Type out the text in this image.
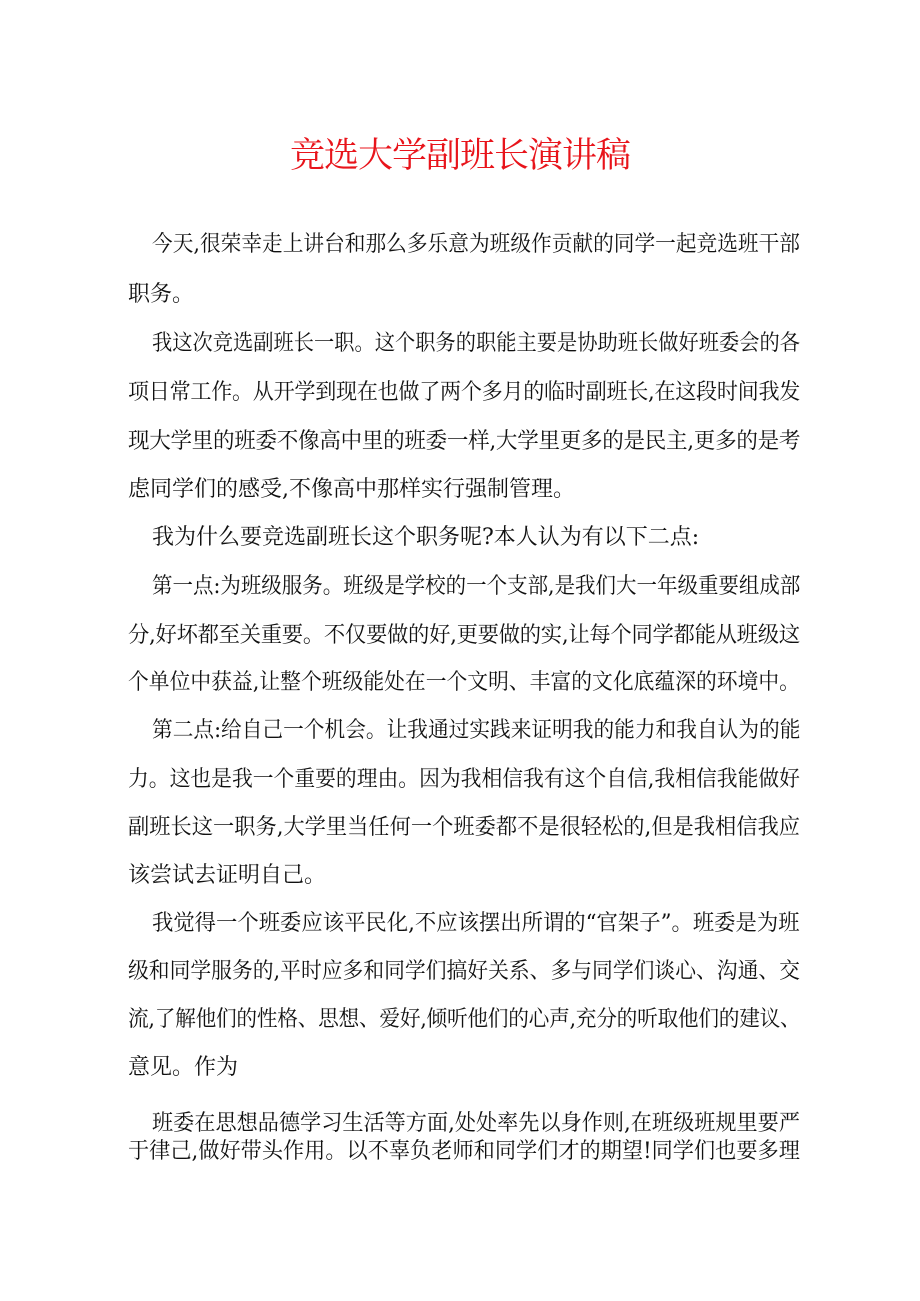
竞选大学副班长演讲稿
今天,很荣幸走上讲台和那么多乐意为班级作贡献的同学一起竞选班干部
职务。
我这次竞选副班长一职。这个职务的职能主要是协助班长做好班委会的各
项日常工作。从开学到现在也做了两个多月的临时副班长,在这段时间我发
现大学里的班委不像高中里的班委一样,大学里更多的是民主,更多的是考
虑同学们的感受,不像高中那样实行强制管理。
我为什么要竞选副班长这个职务呢?本人认为有以下二点:
第一点:为班级服务。班级是学校的一个支部,是我们大一年级重要组成部
分,好坏都至关重要。不仅要做的好,更要做的实,让每个同学都能从班级这
个单位中获益,让整个班级能处在一个文明、丰富的文化底蕴深的环境中。
第二点:给自己一个机会。让我通过实践来证明我的能力和我自认为的能
力。这也是我一个重要的理由。因为我相信我有这个自信,我相信我能做好
副班长这一职务,大学里当任何一个班委都不是很轻松的,但是我相信我应
该尝试去证明自己。
我觉得一个班委应该平民化,不应该摆出所谓的“官架子”。班委是为班
级和同学服务的,平时应多和同学们搞好关系、多与同学们谈心、沟通、交
流,了解他们的性格、思想、爱好,倾听他们的心声,充分的听取他们的建议、
意见。作为
班委在思想品德学习生活等方面,处处率先以身作则,在班级班规里要严
于律己,做好带头作用。以不辜负老师和同学们才的期望!同学们也要多理
